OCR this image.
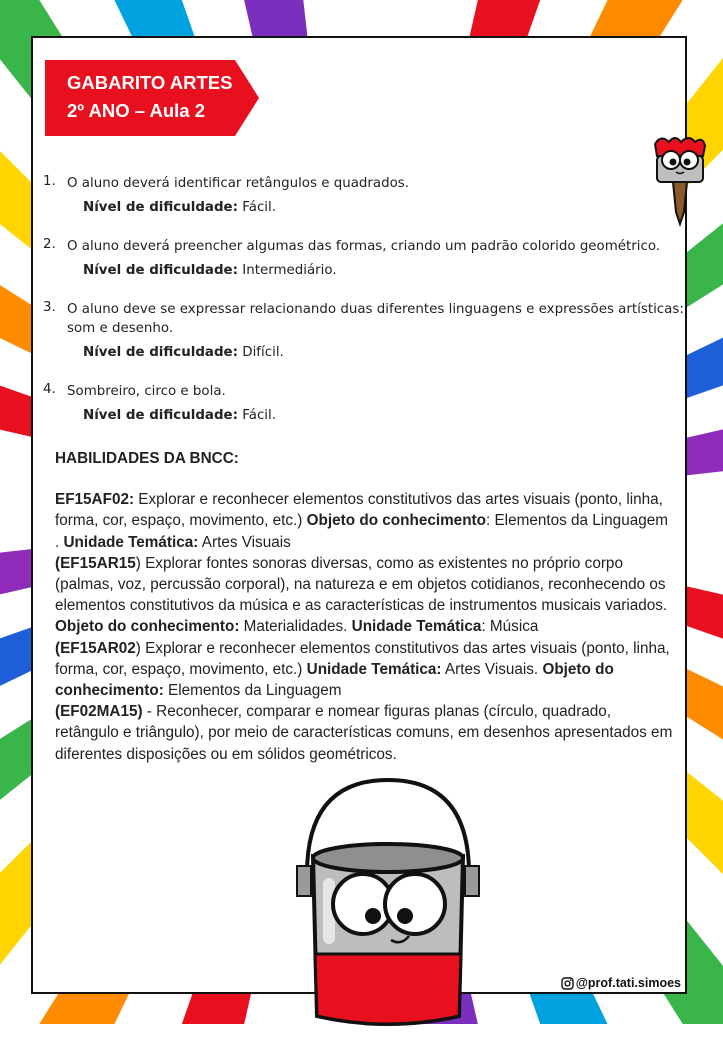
GABARITO ARTES
2º ANO – Aula 2
1. O aluno deverá identificar retângulos e quadrados.
Nível de dificuldade: Fácil.
2. O aluno deverá preencher algumas das formas, criando um padrão colorido geométrico.
Nível de dificuldade: Intermediário.
3. O aluno deve se expressar relacionando duas diferentes linguagens e expressões artísticas:
som e desenho.
Nível de dificuldade: Difícil.
4. Sombreiro, circo e bola.
Nível de dificuldade: Fácil.
HABILIDADES DA BNCC:
EF15AF02: Explorar e reconhecer elementos constitutivos das artes visuais (ponto, linha, forma, cor, espaço, movimento, etc.) Objeto do conhecimento: Elementos da Linguagem . Unidade Temática: Artes Visuais
(EF15AR15) Explorar fontes sonoras diversas, como as existentes no próprio corpo (palmas, voz, percussão corporal), na natureza e em objetos cotidianos, reconhecendo os elementos constitutivos da música e as características de instrumentos musicais variados. Objeto do conhecimento: Materialidades. Unidade Temática: Música
(EF15AR02) Explorar e reconhecer elementos constitutivos das artes visuais (ponto, linha, forma, cor, espaço, movimento, etc.) Unidade Temática: Artes Visuais. Objeto do conhecimento: Elementos da Linguagem
(EF02MA15) - Reconhecer, comparar e nomear figuras planas (círculo, quadrado, retângulo e triângulo), por meio de características comuns, em desenhos apresentados em diferentes disposições ou em sólidos geométricos.
@prof.tati.simoes
